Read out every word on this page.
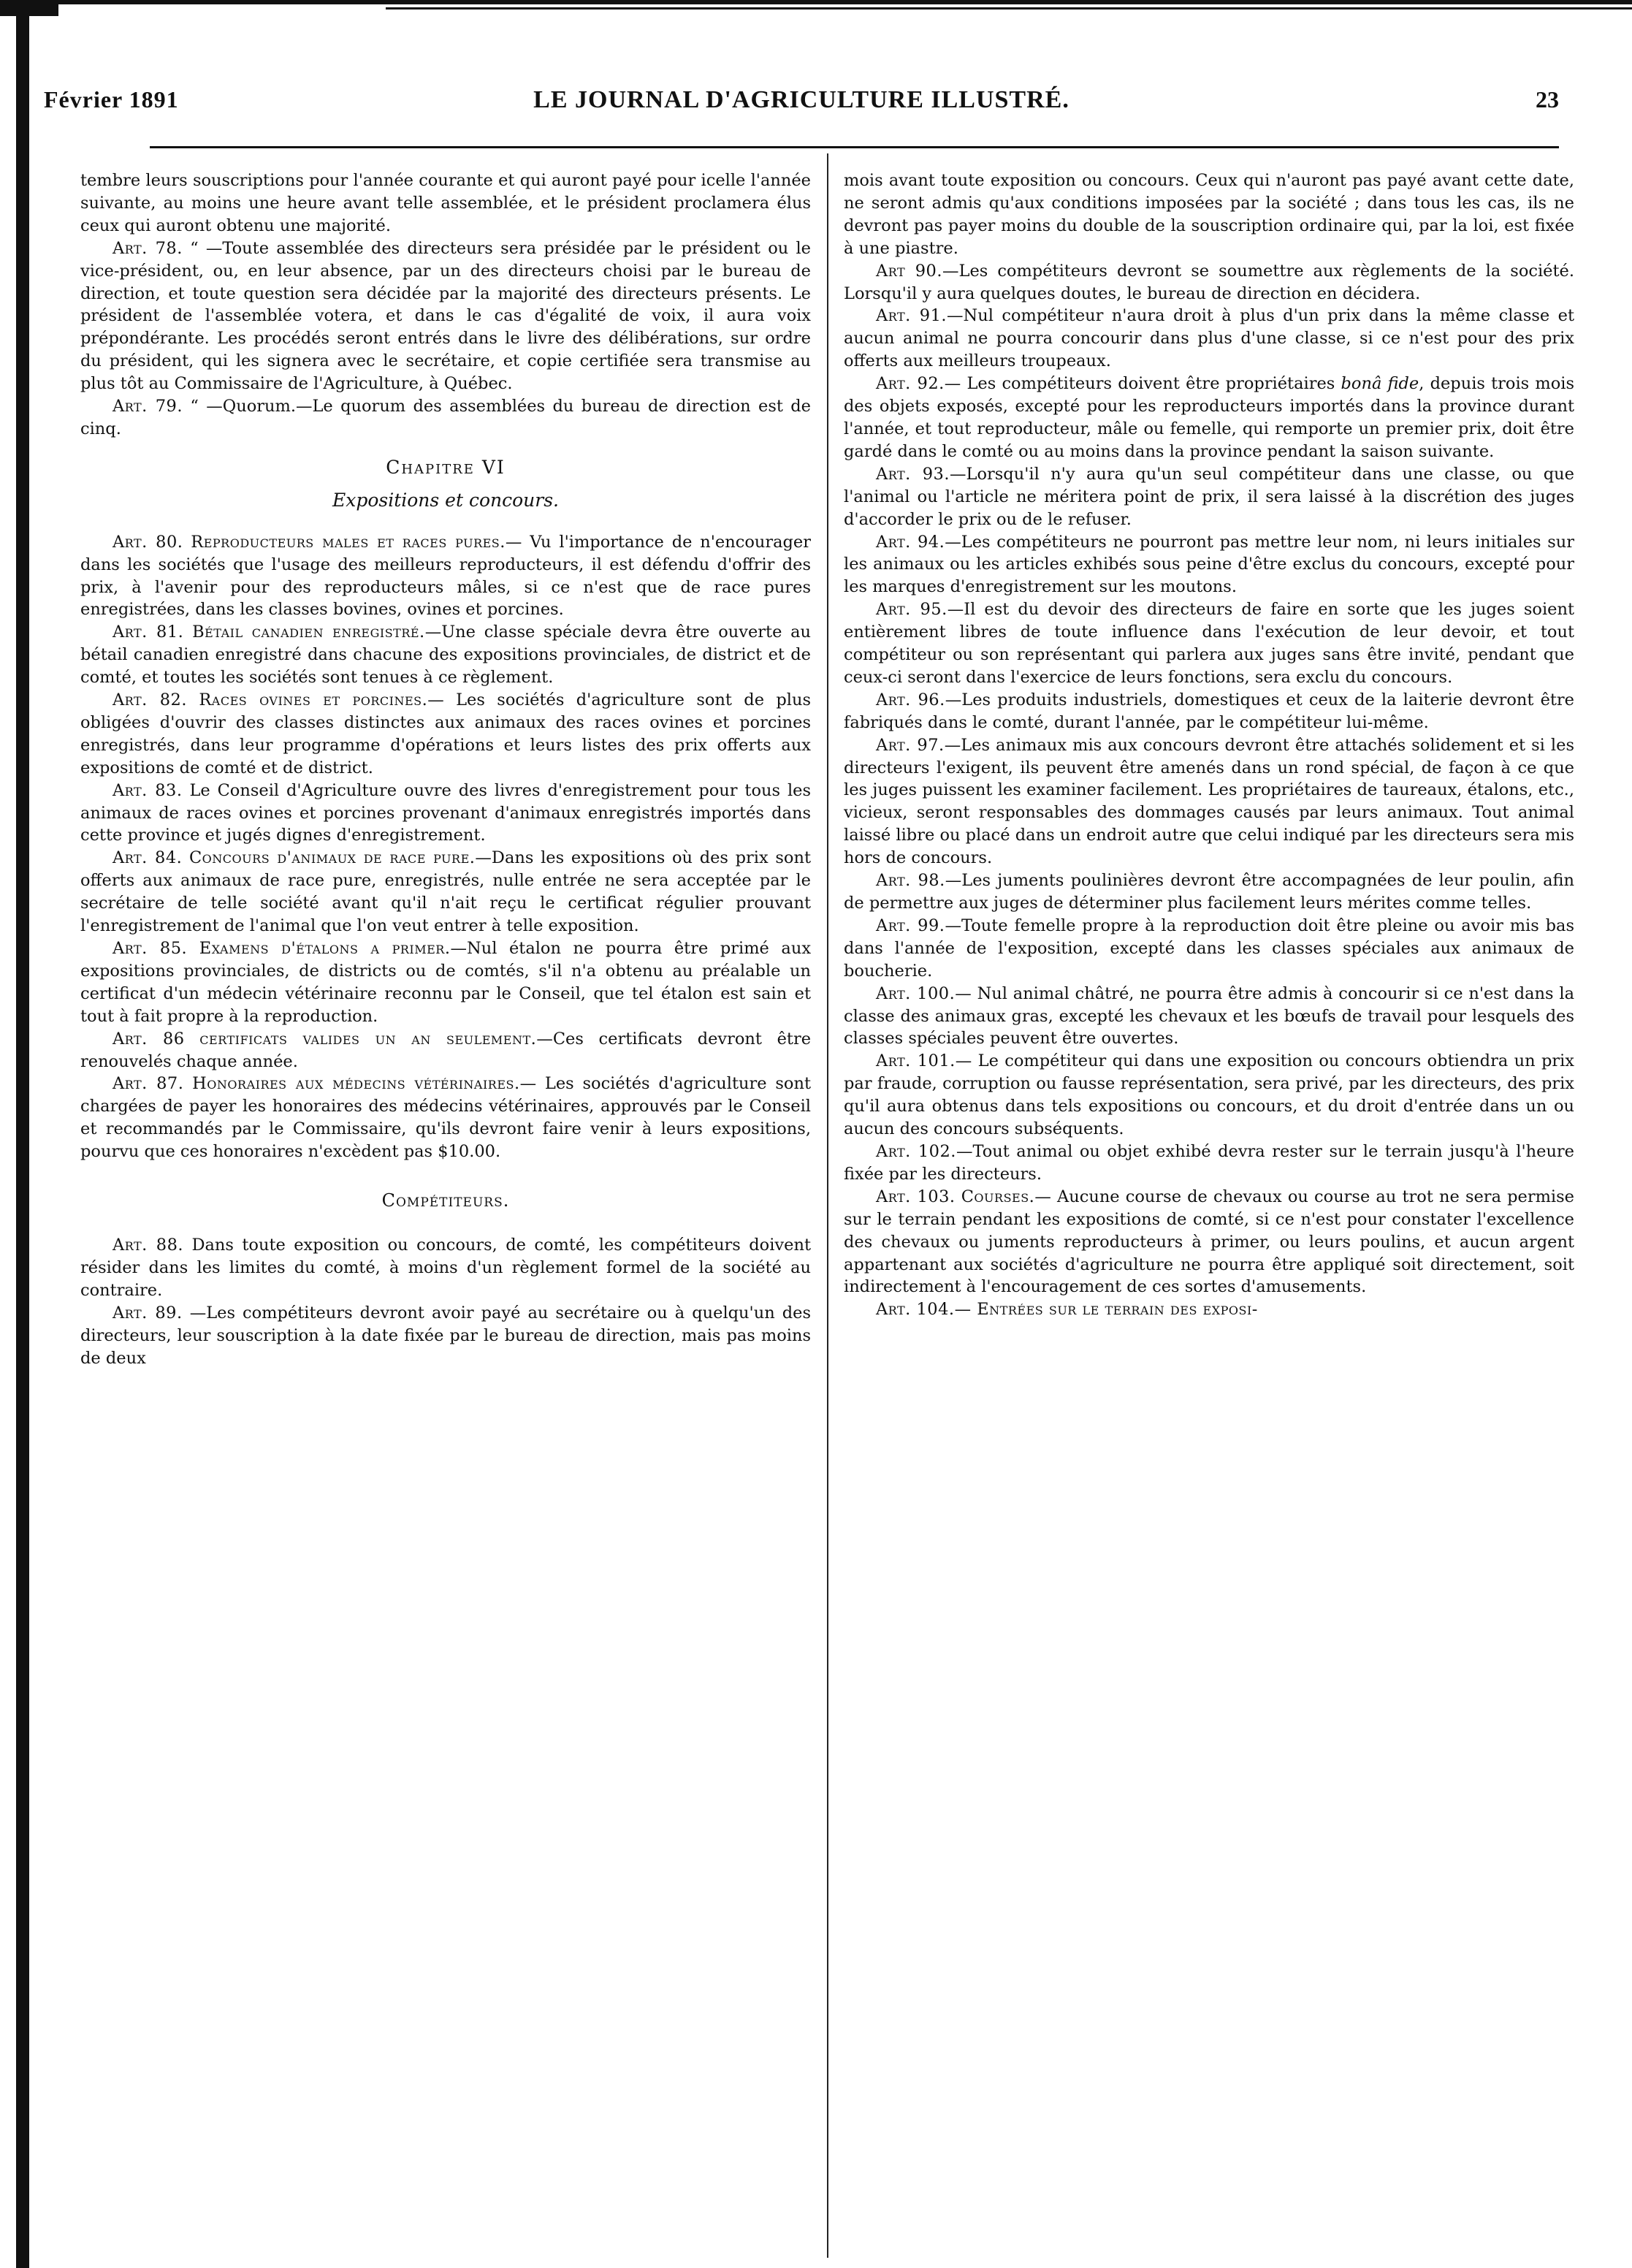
Février 1891	LE JOURNAL D'AGRICULTURE ILLUSTRÉ.	23

tembre leurs souscriptions pour l'année courante et qui auront payé pour icelle l'année suivante, au moins une heure avant telle assemblée, et le président proclamera élus ceux qui auront obtenu une majorité.

Art. 78. “ —Toute assemblée des directeurs sera présidée par le président ou le vice-président, ou, en leur absence, par un des directeurs choisi par le bureau de direction, et toute question sera décidée par la majorité des directeurs présents. Le président de l'assemblée votera, et dans le cas d'égalité de voix, il aura voix prépondérante. Les procédés seront entrés dans le livre des délibérations, sur ordre du président, qui les signera avec le secrétaire, et copie certifiée sera transmise au plus tôt au Commissaire de l'Agriculture, à Québec.

Art. 79. “ —Quorum.—Le quorum des assemblées du bureau de direction est de cinq.

Chapitre VI
Expositions et concours.

Art. 80. Reproducteurs males et races pures.— Vu l'importance de n'encourager dans les sociétés que l'usage des meilleurs reproducteurs, il est défendu d'offrir des prix, à l'avenir pour des reproducteurs mâles, si ce n'est que de race pures enregistrées, dans les classes bovines, ovines et porcines.

Art. 81. Bétail canadien enregistré.—Une classe spéciale devra être ouverte au bétail canadien enregistré dans chacune des expositions provinciales, de district et de comté, et toutes les sociétés sont tenues à ce règlement.

Art. 82. Races ovines et porcines.— Les sociétés d'agriculture sont de plus obligées d'ouvrir des classes distinctes aux animaux des races ovines et porcines enregistrés, dans leur programme d'opérations et leurs listes des prix offerts aux expositions de comté et de district.

Art. 83. Le Conseil d'Agriculture ouvre des livres d'enregistrement pour tous les animaux de races ovines et porcines provenant d'animaux enregistrés importés dans cette province et jugés dignes d'enregistrement.

Art. 84. Concours d'animaux de race pure.—Dans les expositions où des prix sont offerts aux animaux de race pure, enregistrés, nulle entrée ne sera acceptée par le secrétaire de telle société avant qu'il n'ait reçu le certificat régulier prouvant l'enregistrement de l'animal que l'on veut entrer à telle exposition.

Art. 85. Examens d'étalons a primer.—Nul étalon ne pourra être primé aux expositions provinciales, de districts ou de comtés, s'il n'a obtenu au préalable un certificat d'un médecin vétérinaire reconnu par le Conseil, que tel étalon est sain et tout à fait propre à la reproduction.

Art. 86 certificats valides un an seulement.—Ces certificats devront être renouvelés chaque année.

Art. 87. Honoraires aux médecins vétérinaires.— Les sociétés d'agriculture sont chargées de payer les honoraires des médecins vétérinaires, approuvés par le Conseil et recommandés par le Commissaire, qu'ils devront faire venir à leurs expositions, pourvu que ces honoraires n'excèdent pas $10.00.

Compétiteurs.

Art. 88. Dans toute exposition ou concours, de comté, les compétiteurs doivent résider dans les limites du comté, à moins d'un règlement formel de la société au contraire.

Art. 89. —Les compétiteurs devront avoir payé au secrétaire ou à quelqu'un des directeurs, leur souscription à la date fixée par le bureau de direction, mais pas moins de deux

mois avant toute exposition ou concours. Ceux qui n'auront pas payé avant cette date, ne seront admis qu'aux conditions imposées par la société ; dans tous les cas, ils ne devront pas payer moins du double de la souscription ordinaire qui, par la loi, est fixée à une piastre.

Art 90.—Les compétiteurs devront se soumettre aux règlements de la société. Lorsqu'il y aura quelques doutes, le bureau de direction en décidera.

Art. 91.—Nul compétiteur n'aura droit à plus d'un prix dans la même classe et aucun animal ne pourra concourir dans plus d'une classe, si ce n'est pour des prix offerts aux meilleurs troupeaux.

Art. 92.— Les compétiteurs doivent être propriétaires bonâ fide, depuis trois mois des objets exposés, excepté pour les reproducteurs importés dans la province durant l'année, et tout reproducteur, mâle ou femelle, qui remporte un premier prix, doit être gardé dans le comté ou au moins dans la province pendant la saison suivante.

Art. 93.—Lorsqu'il n'y aura qu'un seul compétiteur dans une classe, ou que l'animal ou l'article ne méritera point de prix, il sera laissé à la discrétion des juges d'accorder le prix ou de le refuser.

Art. 94.—Les compétiteurs ne pourront pas mettre leur nom, ni leurs initiales sur les animaux ou les articles exhibés sous peine d'être exclus du concours, excepté pour les marques d'enregistrement sur les moutons.

Art. 95.—Il est du devoir des directeurs de faire en sorte que les juges soient entièrement libres de toute influence dans l'exécution de leur devoir, et tout compétiteur ou son représentant qui parlera aux juges sans être invité, pendant que ceux-ci seront dans l'exercice de leurs fonctions, sera exclu du concours.

Art. 96.—Les produits industriels, domestiques et ceux de la laiterie devront être fabriqués dans le comté, durant l'année, par le compétiteur lui-même.

Art. 97.—Les animaux mis aux concours devront être attachés solidement et si les directeurs l'exigent, ils peuvent être amenés dans un rond spécial, de façon à ce que les juges puissent les examiner facilement. Les propriétaires de taureaux, étalons, etc., vicieux, seront responsables des dommages causés par leurs animaux. Tout animal laissé libre ou placé dans un endroit autre que celui indiqué par les directeurs sera mis hors de concours.

Art. 98.—Les juments poulinières devront être accompagnées de leur poulin, afin de permettre aux juges de déterminer plus facilement leurs mérites comme telles.

Art. 99.—Toute femelle propre à la reproduction doit être pleine ou avoir mis bas dans l'année de l'exposition, excepté dans les classes spéciales aux animaux de boucherie.

Art. 100.— Nul animal châtré, ne pourra être admis à concourir si ce n'est dans la classe des animaux gras, excepté les chevaux et les bœufs de travail pour lesquels des classes spéciales peuvent être ouvertes.

Art. 101.— Le compétiteur qui dans une exposition ou concours obtiendra un prix par fraude, corruption ou fausse représentation, sera privé, par les directeurs, des prix qu'il aura obtenus dans tels expositions ou concours, et du droit d'entrée dans un ou aucun des concours subséquents.

Art. 102.—Tout animal ou objet exhibé devra rester sur le terrain jusqu'à l'heure fixée par les directeurs.

Art. 103. Courses.— Aucune course de chevaux ou course au trot ne sera permise sur le terrain pendant les expositions de comté, si ce n'est pour constater l'excellence des chevaux ou juments reproducteurs à primer, ou leurs poulins, et aucun argent appartenant aux sociétés d'agriculture ne pourra être appliqué soit directement, soit indirectement à l'encouragement de ces sortes d'amusements.

Art. 104.— Entrées sur le terrain des exposi-
